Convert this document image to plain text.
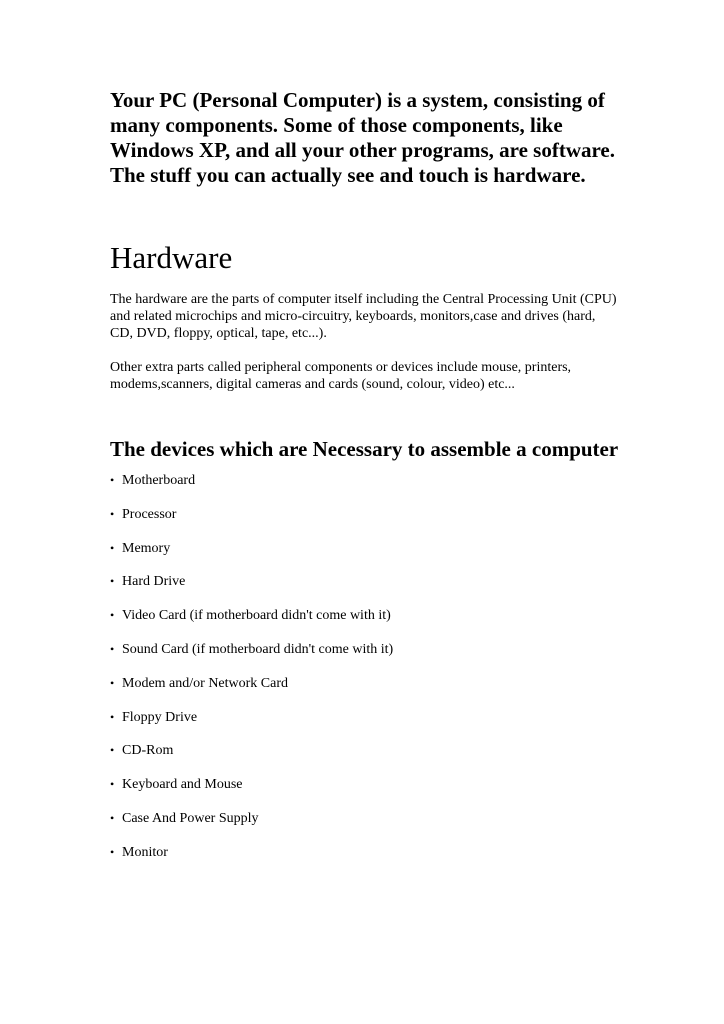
Your PC (Personal Computer) is a system, consisting of many components. Some of those components, like Windows XP, and all your other programs, are software. The stuff you can actually see and touch is hardware.

Hardware

The hardware are the parts of computer itself including the Central Processing Unit (CPU) and related microchips and micro-circuitry, keyboards, monitors,case and drives (hard, CD, DVD, floppy, optical, tape, etc...).

Other extra parts called peripheral components or devices include mouse, printers, modems,scanners, digital cameras and cards (sound, colour, video) etc...

The devices which are Necessary to assemble a computer
• Motherboard
• Processor
• Memory
• Hard Drive
• Video Card (if motherboard didn't come with it)
• Sound Card (if motherboard didn't come with it)
• Modem and/or Network Card
• Floppy Drive
• CD-Rom
• Keyboard and Mouse
• Case And Power Supply
• Monitor
